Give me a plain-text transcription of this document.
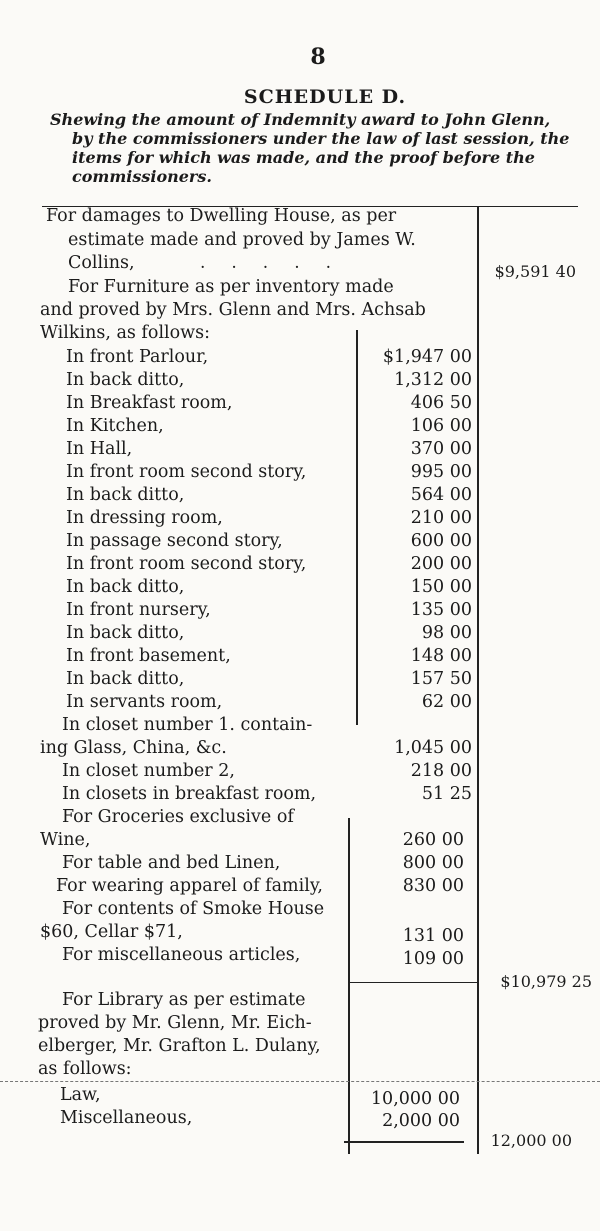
8
SCHEDULE D.
Shewing the amount of Indemnity award to John Glenn,
by the commissioners under the law of last session, the
items for which was made, and the proof before the
commissioners.
For damages to Dwelling House, as per
estimate made and proved by James W.
Collins,	.....	$9,591 40
For Furniture as per inventory made
and proved by Mrs. Glenn and Mrs. Achsab
Wilkins, as follows:
In front Parlour,	$1,947 00
In back ditto,	1,312 00
In Breakfast room,	406 50
In Kitchen,	106 00
In Hall,	370 00
In front room second story,	995 00
In back ditto,	564 00
In dressing room,	210 00
In passage second story,	600 00
In front room second story,	200 00
In back ditto,	150 00
In front nursery,	135 00
In back ditto,	98 00
In front basement,	148 00
In back ditto,	157 50
In servants room,	62 00
In closet number 1. contain-
ing Glass, China, &c.	1,045 00
In closet number 2,	218 00
In closets in breakfast room,	51 25
For Groceries exclusive of
Wine,	260 00
For table and bed Linen,	800 00
For wearing apparel of family,	830 00
For contents of Smoke House
$60, Cellar $71,	131 00
For miscellaneous articles,	109 00
$10,979 25
For Library as per estimate
proved by Mr. Glenn, Mr. Eich-
elberger, Mr. Grafton L. Dulany,
as follows:
Law,	10,000 00
Miscellaneous,	2,000 00
12,000 00
